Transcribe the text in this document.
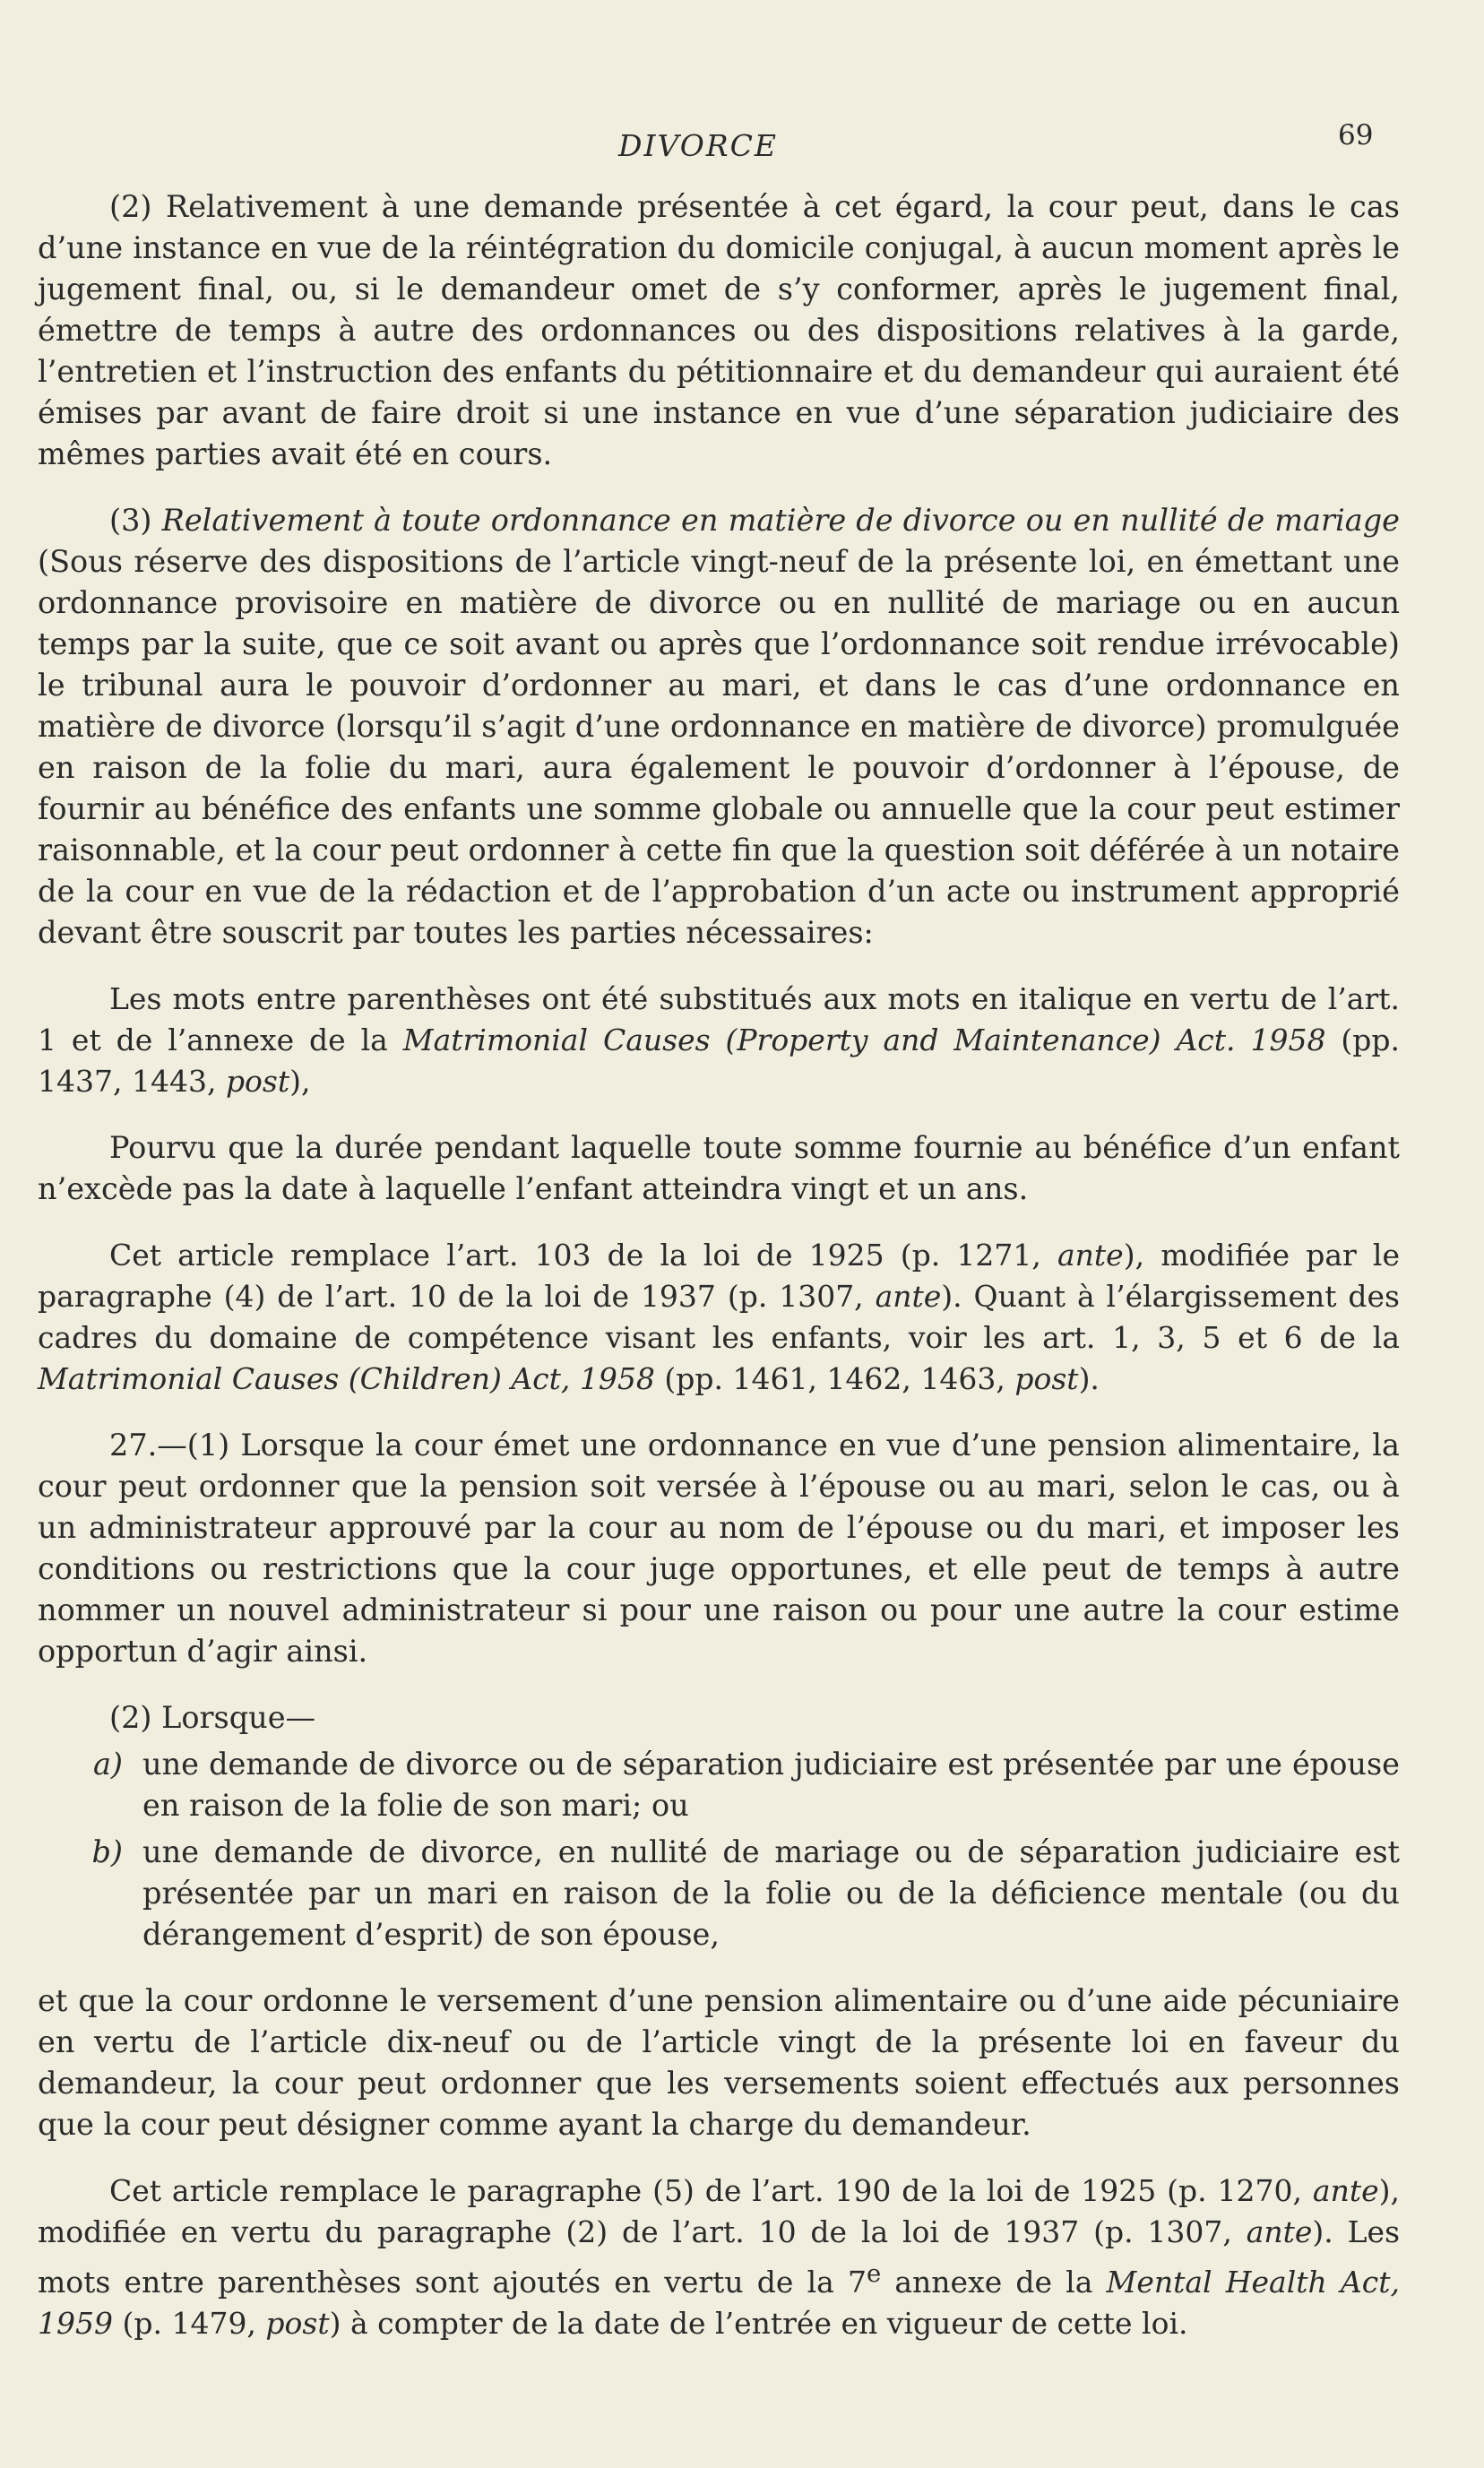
DIVORCE	69

(2) Relativement à une demande présentée à cet égard, la cour peut, dans le cas d’une instance en vue de la réintégration du domicile conjugal, à aucun moment après le jugement final, ou, si le demandeur omet de s’y conformer, après le jugement final, émettre de temps à autre des ordonnances ou des dispositions relatives à la garde, l’entretien et l’instruction des enfants du pétitionnaire et du demandeur qui auraient été émises par avant de faire droit si une instance en vue d’une séparation judiciaire des mêmes parties avait été en cours.

(3) Relativement à toute ordonnance en matière de divorce ou en nullité de mariage (Sous réserve des dispositions de l’article vingt-neuf de la présente loi, en émettant une ordonnance provisoire en matière de divorce ou en nullité de mariage ou en aucun temps par la suite, que ce soit avant ou après que l’ordonnance soit rendue irrévocable) le tribunal aura le pouvoir d’ordonner au mari, et dans le cas d’une ordonnance en matière de divorce (lorsqu’il s’agit d’une ordonnance en matière de divorce) promulguée en raison de la folie du mari, aura également le pouvoir d’ordonner à l’épouse, de fournir au bénéfice des enfants une somme globale ou annuelle que la cour peut estimer raisonnable, et la cour peut ordonner à cette fin que la question soit déférée à un notaire de la cour en vue de la rédaction et de l’approbation d’un acte ou instrument approprié devant être souscrit par toutes les parties nécessaires:

Les mots entre parenthèses ont été substitués aux mots en italique en vertu de l’art. 1 et de l’annexe de la Matrimonial Causes (Property and Maintenance) Act. 1958 (pp. 1437, 1443, post),

Pourvu que la durée pendant laquelle toute somme fournie au bénéfice d’un enfant n’excède pas la date à laquelle l’enfant atteindra vingt et un ans.

Cet article remplace l’art. 103 de la loi de 1925 (p. 1271, ante), modifiée par le paragraphe (4) de l’art. 10 de la loi de 1937 (p. 1307, ante). Quant à l’élargissement des cadres du domaine de compétence visant les enfants, voir les art. 1, 3, 5 et 6 de la Matrimonial Causes (Children) Act, 1958 (pp. 1461, 1462, 1463, post).

27.—(1) Lorsque la cour émet une ordonnance en vue d’une pension alimentaire, la cour peut ordonner que la pension soit versée à l’épouse ou au mari, selon le cas, ou à un administrateur approuvé par la cour au nom de l’épouse ou du mari, et imposer les conditions ou restrictions que la cour juge opportunes, et elle peut de temps à autre nommer un nouvel administrateur si pour une raison ou pour une autre la cour estime opportun d’agir ainsi.

(2) Lorsque—

a) une demande de divorce ou de séparation judiciaire est présentée par une épouse en raison de la folie de son mari; ou
b) une demande de divorce, en nullité de mariage ou de séparation judiciaire est présentée par un mari en raison de la folie ou de la déficience mentale (ou du dérangement d’esprit) de son épouse,

et que la cour ordonne le versement d’une pension alimentaire ou d’une aide pécuniaire en vertu de l’article dix-neuf ou de l’article vingt de la présente loi en faveur du demandeur, la cour peut ordonner que les versements soient effectués aux personnes que la cour peut désigner comme ayant la charge du demandeur.

Cet article remplace le paragraphe (5) de l’art. 190 de la loi de 1925 (p. 1270, ante), modifiée en vertu du paragraphe (2) de l’art. 10 de la loi de 1937 (p. 1307, ante). Les mots entre parenthèses sont ajoutés en vertu de la 7e annexe de la Mental Health Act, 1959 (p. 1479, post) à compter de la date de l’entrée en vigueur de cette loi.
